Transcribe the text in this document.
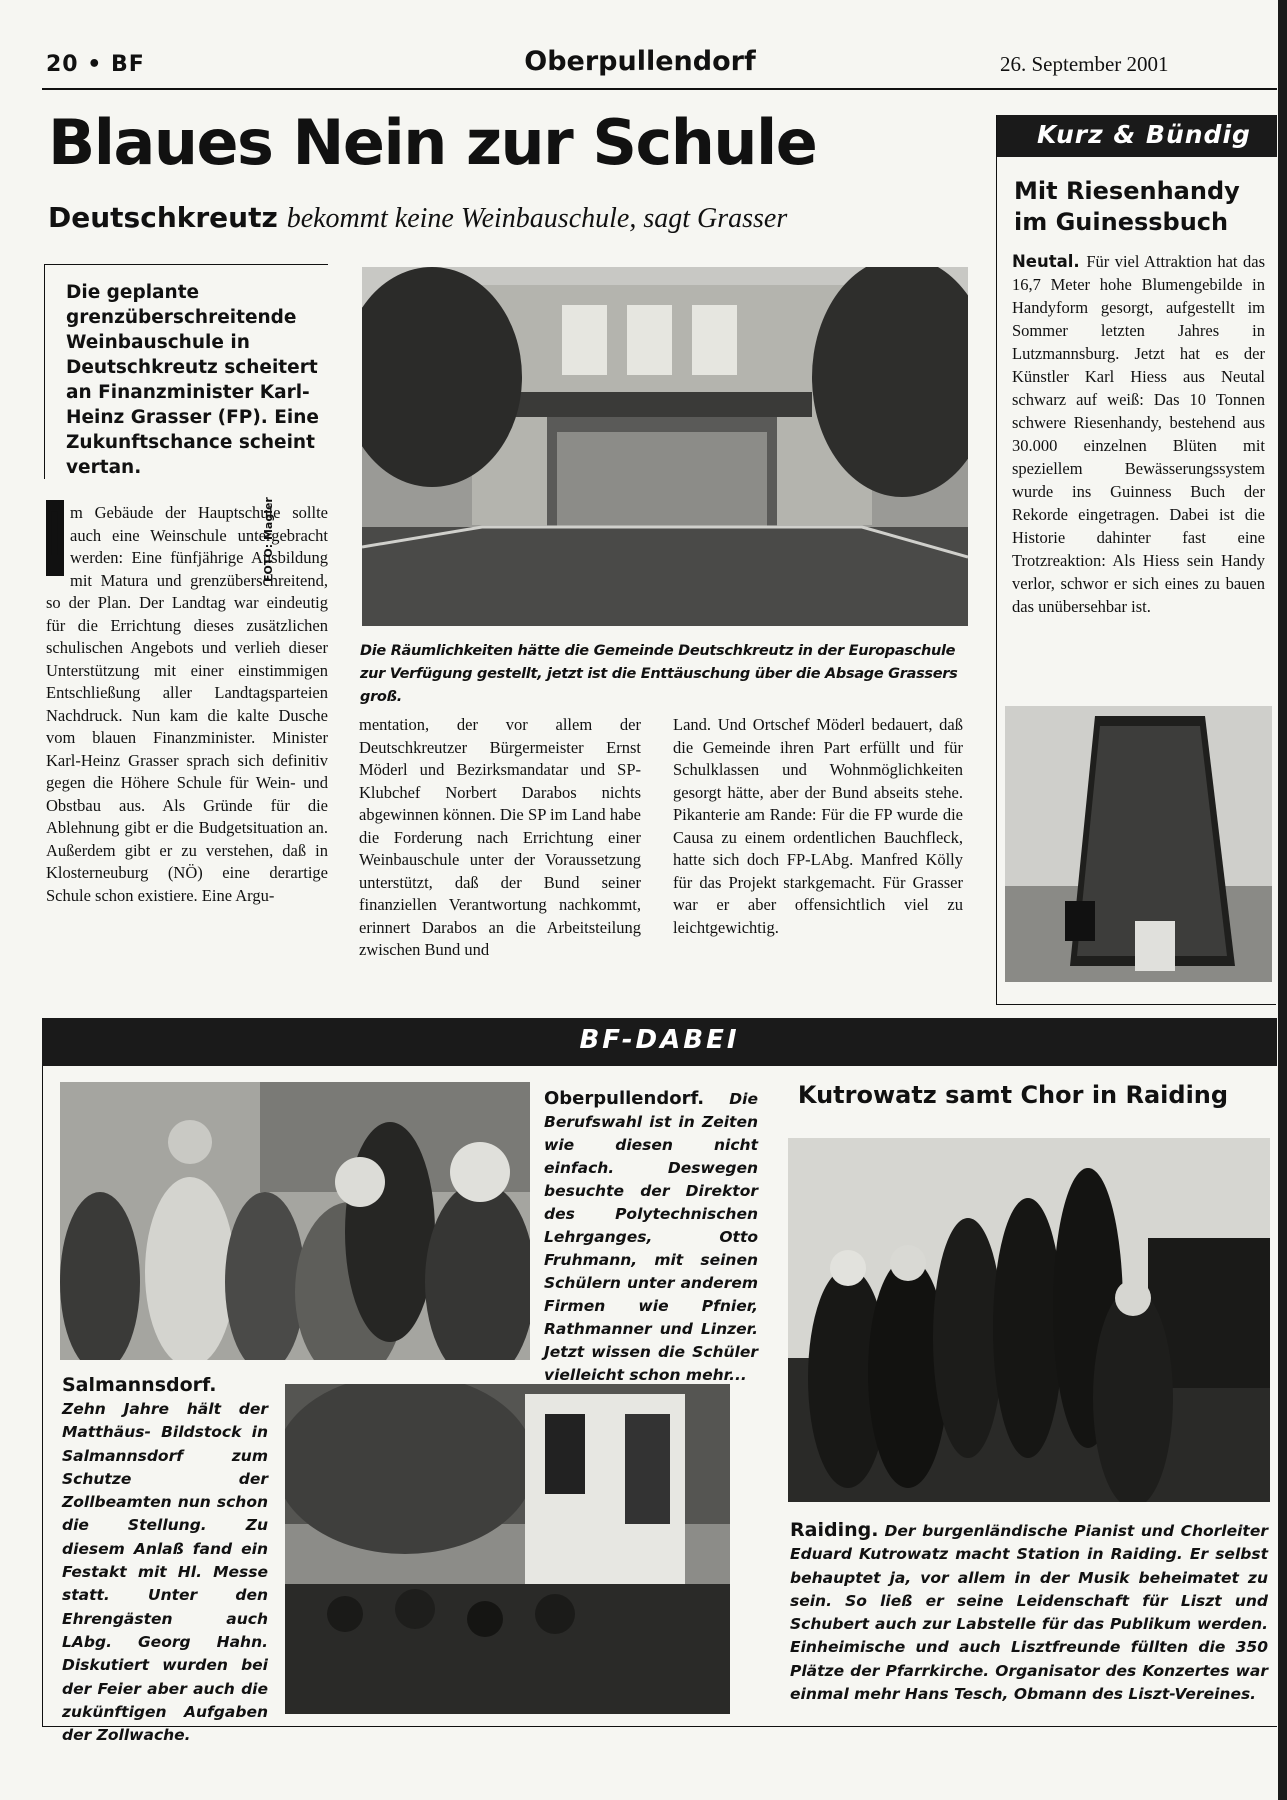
20 • BF	Oberpullendorf	26. September 2001
Blaues Nein zur Schule
Deutschkreutz bekommt keine Weinbauschule, sagt Grasser
Die geplante grenzüberschreitende Weinbauschule in Deutschkreutz scheitert an Finanzminister Karl-Heinz Grasser (FP). Eine Zukunftschance scheint vertan.
FOTO: Magler
Die Räumlichkeiten hätte die Gemeinde Deutschkreutz in der Europaschule zur Verfügung gestellt, jetzt ist die Enttäuschung über die Absage Grassers groß.
I m Gebäude der Hauptschule sollte auch eine Weinschule untergebracht werden: Eine fünfjährige Ausbildung mit Matura und grenzüberschreitend, so der Plan. Der Landtag war eindeutig für die Errichtung dieses zusätzlichen schulischen Angebots und verlieh dieser Unterstützung mit einer einstimmigen Entschließung aller Landtagsparteien Nachdruck. Nun kam die kalte Dusche vom blauen Finanzminister. Minister Karl-Heinz Grasser sprach sich definitiv gegen die Höhere Schule für Wein- und Obstbau aus. Als Gründe für die Ablehnung gibt er die Budgetsituation an. Außerdem gibt er zu verstehen, daß in Klosterneuburg (NÖ) eine derartige Schule schon existiere. Eine Argu-
mentation, der vor allem der Deutschkreutzer Bürgermeister Ernst Möderl und Bezirksmandatar und SP-Klubchef Norbert Darabos nichts abgewinnen können. Die SP im Land habe die Forderung nach Errichtung einer Weinbauschule unter der Voraussetzung unterstützt, daß der Bund seiner finanziellen Verantwortung nachkommt, erinnert Darabos an die Arbeitsteilung zwischen Bund und
Land. Und Ortschef Möderl bedauert, daß die Gemeinde ihren Part erfüllt und für Schulklassen und Wohnmöglichkeiten gesorgt hätte, aber der Bund abseits stehe. Pikanterie am Rande: Für die FP wurde die Causa zu einem ordentlichen Bauchfleck, hatte sich doch FP-LAbg. Manfred Kölly für das Projekt starkgemacht. Für Grasser war er aber offensichtlich viel zu leichtgewichtig.
Kurz & Bündig
Mit Riesenhandy im Guinessbuch
Neutal. Für viel Attraktion hat das 16,7 Meter hohe Blumengebilde in Handyform gesorgt, aufgestellt im Sommer letzten Jahres in Lutzmannsburg. Jetzt hat es der Künstler Karl Hiess aus Neutal schwarz auf weiß: Das 10 Tonnen schwere Riesenhandy, bestehend aus 30.000 einzelnen Blüten mit speziellem Bewässerungssystem wurde ins Guinness Buch der Rekorde eingetragen. Dabei ist die Historie dahinter fast eine Trotzreaktion: Als Hiess sein Handy verlor, schwor er sich eines zu bauen das unübersehbar ist.
BF-DABEI
Oberpullendorf. Die Berufswahl ist in Zeiten wie diesen nicht einfach. Deswegen besuchte der Direktor des Polytechnischen Lehrganges, Otto Fruhmann, mit seinen Schülern unter anderem Firmen wie Pfnier, Rathmanner und Linzer. Jetzt wissen die Schüler vielleicht schon mehr...
Salmannsdorf.
Zehn Jahre hält der Matthäus- Bildstock in Salmannsdorf zum Schutze der Zollbeamten nun schon die Stellung. Zu diesem Anlaß fand ein Festakt mit Hl. Messe statt. Unter den Ehrengästen auch LAbg. Georg Hahn. Diskutiert wurden bei der Feier aber auch die zukünftigen Aufgaben der Zollwache.
Kutrowatz samt Chor in Raiding
Raiding. Der burgenländische Pianist und Chorleiter Eduard Kutrowatz macht Station in Raiding. Er selbst behauptet ja, vor allem in der Musik beheimatet zu sein. So ließ er seine Leidenschaft für Liszt und Schubert auch zur Labstelle für das Publikum werden. Einheimische und auch Lisztfreunde füllten die 350 Plätze der Pfarrkirche. Organisator des Konzertes war einmal mehr Hans Tesch, Obmann des Liszt-Vereines.
